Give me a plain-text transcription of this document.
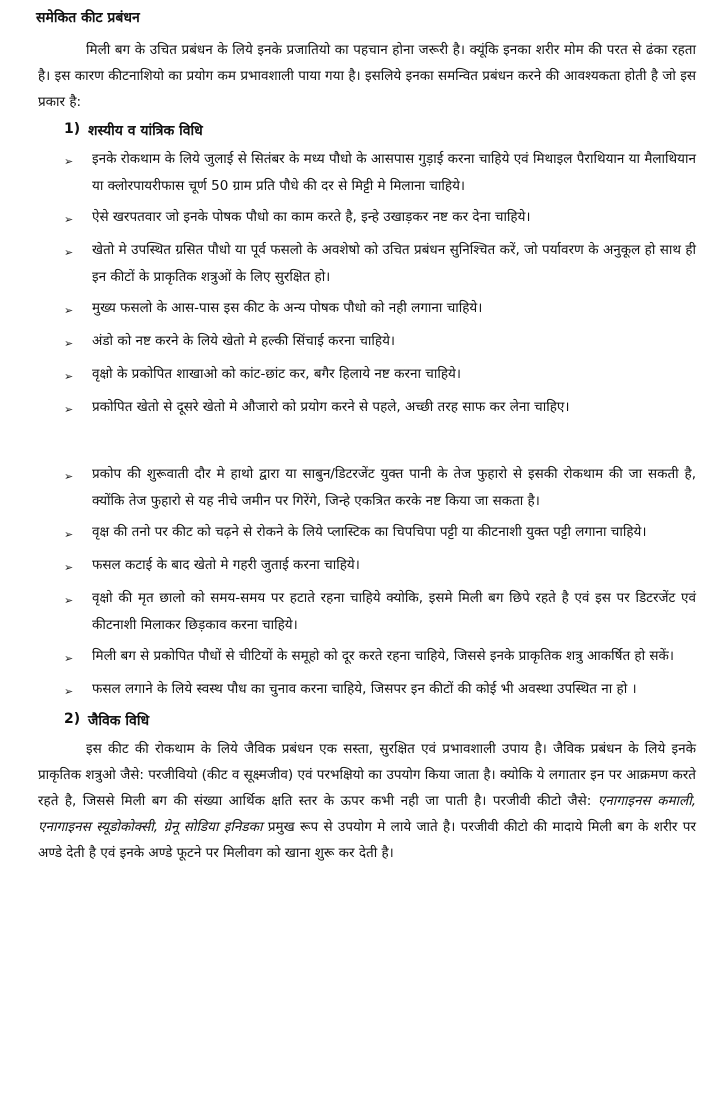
समेकित कीट प्रबंधन

मिली बग के उचित प्रबंधन के लिये इनके प्रजातियो का पहचान होना जरूरी है। क्यूंकि इनका शरीर मोम की परत से ढंका रहता है। इस कारण कीटनाशियो का प्रयोग कम प्रभावशाली पाया गया है। इसलिये इनका समन्वित प्रबंधन करने की आवश्यकता होती है जो इस प्रकार है:

1) शस्यीय व यांत्रिक विधि
➢	इनके रोकथाम के लिये जुलाई से सितंबर के मध्य पौधो के आसपास गुड़ाई करना चाहिये एवं मिथाइल पैराथियान या मैलाथियान या क्लोरपायरीफास चूर्ण 50 ग्राम प्रति पौधे की दर से मिट्टी मे मिलाना चाहिये।
➢	ऐसे खरपतवार जो इनके पोषक पौधो का काम करते है, इन्हे उखाड़कर नष्ट कर देना चाहिये।
➢	खेतो मे उपस्थित ग्रसित पौधो या पूर्व फसलो के अवशेषो को उचित प्रबंधन सुनिश्चित करें, जो पर्यावरण के अनुकूल हो साथ ही इन कीटों के प्राकृतिक शत्रुओं के लिए सुरक्षित हो।
➢	मुख्य फसलो के आस-पास इस कीट के अन्य पोषक पौधो को नही लगाना चाहिये।
➢	अंडो को नष्ट करने के लिये खेतो मे हल्की सिंचाई करना चाहिये।
➢	वृक्षो के प्रकोपित शाखाओ को कांट-छांट कर, बगैर हिलाये नष्ट करना चाहिये।
➢	प्रकोपित खेतो से दूसरे खेतो मे औजारो को प्रयोग करने से पहले, अच्छी तरह साफ कर लेना चाहिए।
➢	प्रकोप की शुरूवाती दौर मे हाथो द्वारा या साबुन/डिटरजेंट युक्त पानी के तेज फुहारो से इसकी रोकथाम की जा सकती है, क्योंकि तेज फुहारो से यह नीचे जमीन पर गिरेंगे, जिन्हे एकत्रित करके नष्ट किया जा सकता है।
➢	वृक्ष की तनो पर कीट को चढ़ने से रोकने के लिये प्लास्टिक का चिपचिपा पट्टी या कीटनाशी युक्त पट्टी लगाना चाहिये।
➢	फसल कटाई के बाद खेतो मे गहरी जुताई करना चाहिये।
➢	वृक्षो की मृत छालो को समय-समय पर हटाते रहना चाहिये क्योकि, इसमे मिली बग छिपे रहते है एवं इस पर डिटरजेंट एवं कीटनाशी मिलाकर छिड़काव करना चाहिये।
➢	मिली बग से प्रकोपित पौधों से चीटियों के समूहो को दूर करते रहना चाहिये, जिससे इनके प्राकृतिक शत्रु आकर्षित हो सकें।
➢	फसल लगाने के लिये स्वस्थ पौध का चुनाव करना चाहिये, जिसपर इन कीटों की कोई भी अवस्था उपस्थित ना हो ।
2) जैविक विधि

इस कीट की रोकथाम के लिये जैविक प्रबंधन एक सस्ता, सुरक्षित एवं प्रभावशाली उपाय है। जैविक प्रबंधन के लिये इनके प्राकृतिक शत्रुओ जैसे: परजीवियो (कीट व सूक्ष्मजीव) एवं परभक्षियो का उपयोग किया जाता है। क्योकि ये लगातार इन पर आक्रमण करते रहते है, जिससे मिली बग की संख्या आर्थिक क्षति स्तर के ऊपर कभी नही जा पाती है। परजीवी कीटो जैसे: एनागाइनस कमाली, एनागाइनस स्यूडोकोक्सी, ग्रेनू सोडिया इनिडका प्रमुख रूप से उपयोग मे लाये जाते है। परजीवी कीटो की मादाये मिली बग के शरीर पर अण्डे देती है एवं इनके अण्डे फूटने पर मिलीवग को खाना शुरू कर देती है।
